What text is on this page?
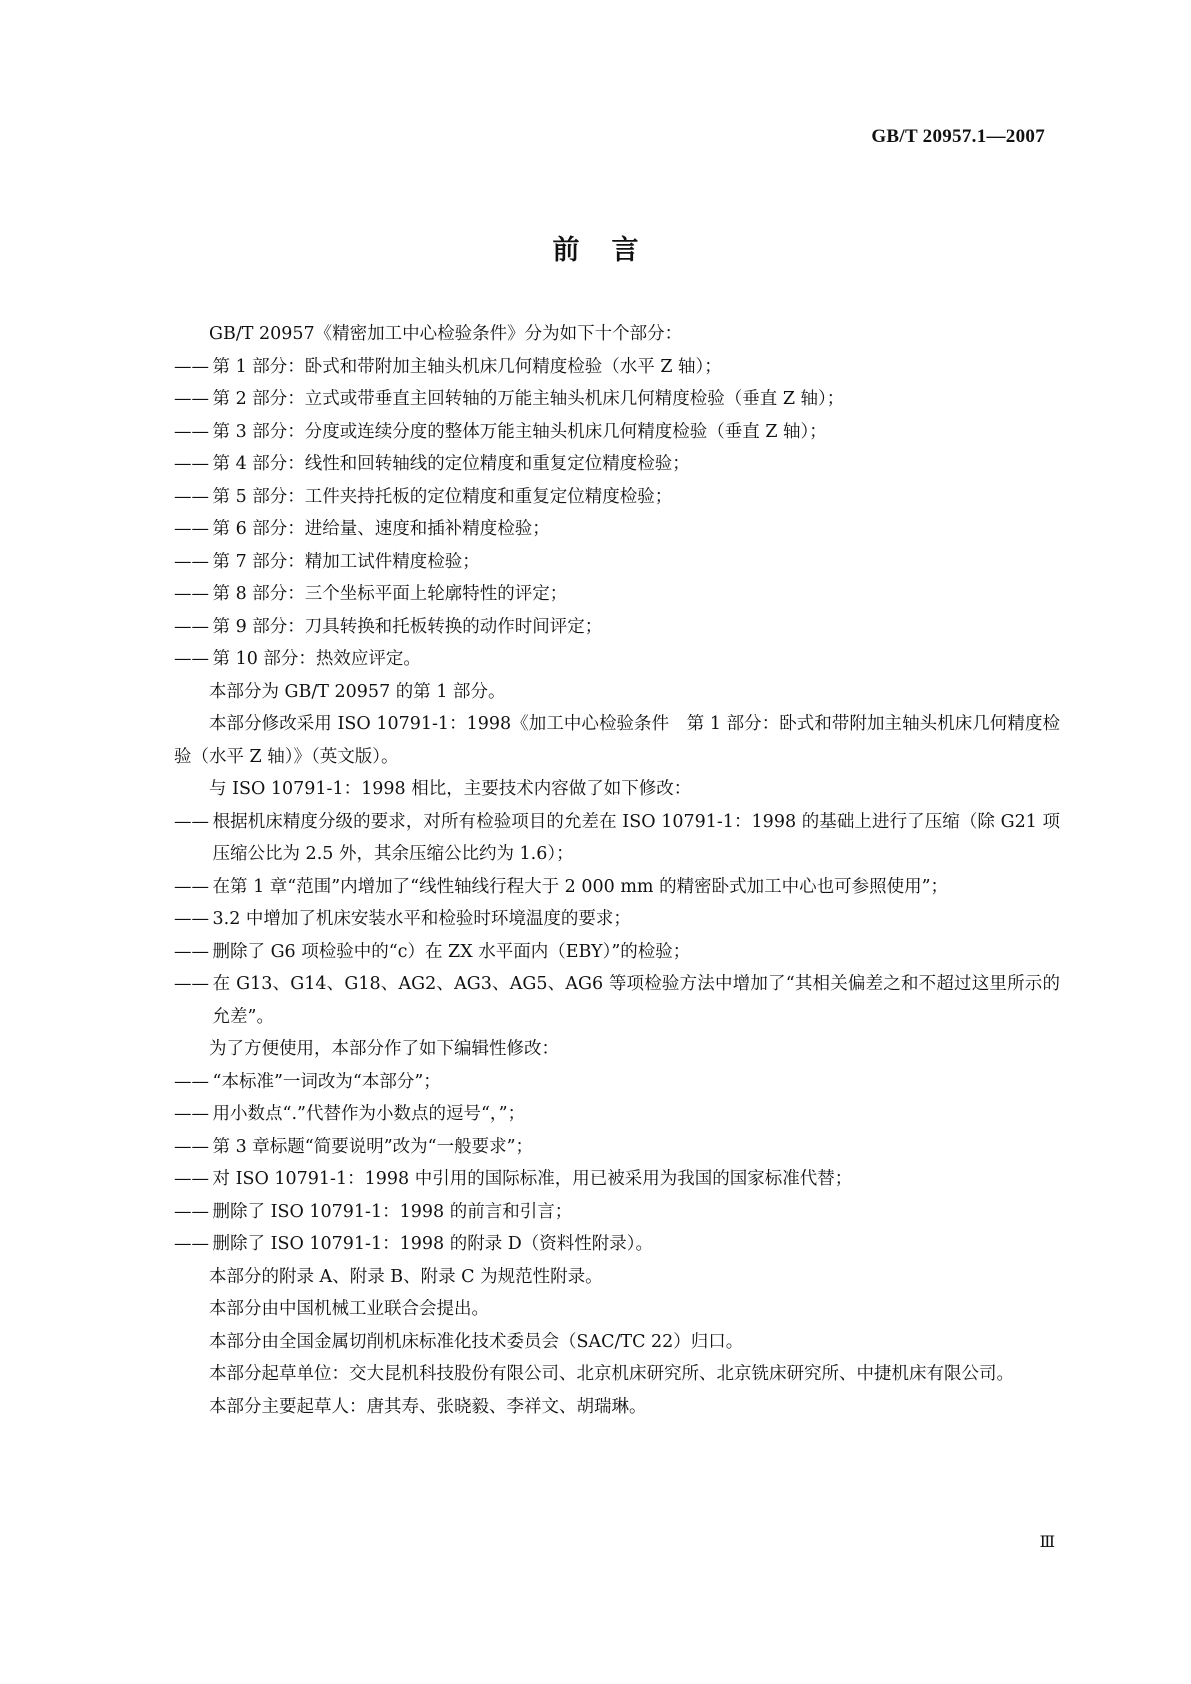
GB/T 20957.1—2007
前言

GB/T 20957《精密加工中心检验条件》分为如下十个部分：

—— 第 1 部分：卧式和带附加主轴头机床几何精度检验（水平 Z 轴）；

—— 第 2 部分：立式或带垂直主回转轴的万能主轴头机床几何精度检验（垂直 Z 轴）；

—— 第 3 部分：分度或连续分度的整体万能主轴头机床几何精度检验（垂直 Z 轴）；

—— 第 4 部分：线性和回转轴线的定位精度和重复定位精度检验；

—— 第 5 部分：工件夹持托板的定位精度和重复定位精度检验；

—— 第 6 部分：进给量、速度和插补精度检验；

—— 第 7 部分：精加工试件精度检验；

—— 第 8 部分：三个坐标平面上轮廓特性的评定；

—— 第 9 部分：刀具转换和托板转换的动作时间评定；

—— 第 10 部分：热效应评定。

本部分为 GB/T 20957 的第 1 部分。

本部分修改采用 ISO 10791-1：1998《加工中心检验条件　第 1 部分：卧式和带附加主轴头机床几何精度检验（水平 Z 轴）》（英文版）。

与 ISO 10791-1：1998 相比，主要技术内容做了如下修改：

—— 根据机床精度分级的要求，对所有检验项目的允差在 ISO 10791-1：1998 的基础上进行了压缩（除 G21 项压缩公比为 2.5 外，其余压缩公比约为 1.6）；

—— 在第 1 章“范围”内增加了“线性轴线行程大于 2 000 mm 的精密卧式加工中心也可参照使用”；

—— 3.2 中增加了机床安装水平和检验时环境温度的要求；

—— 删除了 G6 项检验中的“c）在 ZX 水平面内（EBY）”的检验；

—— 在 G13、G14、G18、AG2、AG3、AG5、AG6 等项检验方法中增加了“其相关偏差之和不超过这里所示的允差”。

为了方便使用，本部分作了如下编辑性修改：

—— “本标准”一词改为“本部分”；

—— 用小数点“.”代替作为小数点的逗号“，”；

—— 第 3 章标题“简要说明”改为“一般要求”；

—— 对 ISO 10791-1：1998 中引用的国际标准，用已被采用为我国的国家标准代替；

—— 删除了 ISO 10791-1：1998 的前言和引言；

—— 删除了 ISO 10791-1：1998 的附录 D（资料性附录）。

本部分的附录 A、附录 B、附录 C 为规范性附录。

本部分由中国机械工业联合会提出。

本部分由全国金属切削机床标准化技术委员会（SAC/TC 22）归口。

本部分起草单位：交大昆机科技股份有限公司、北京机床研究所、北京铣床研究所、中捷机床有限公司。

本部分主要起草人：唐其寿、张晓毅、李祥文、胡瑞琳。

Ⅲ
